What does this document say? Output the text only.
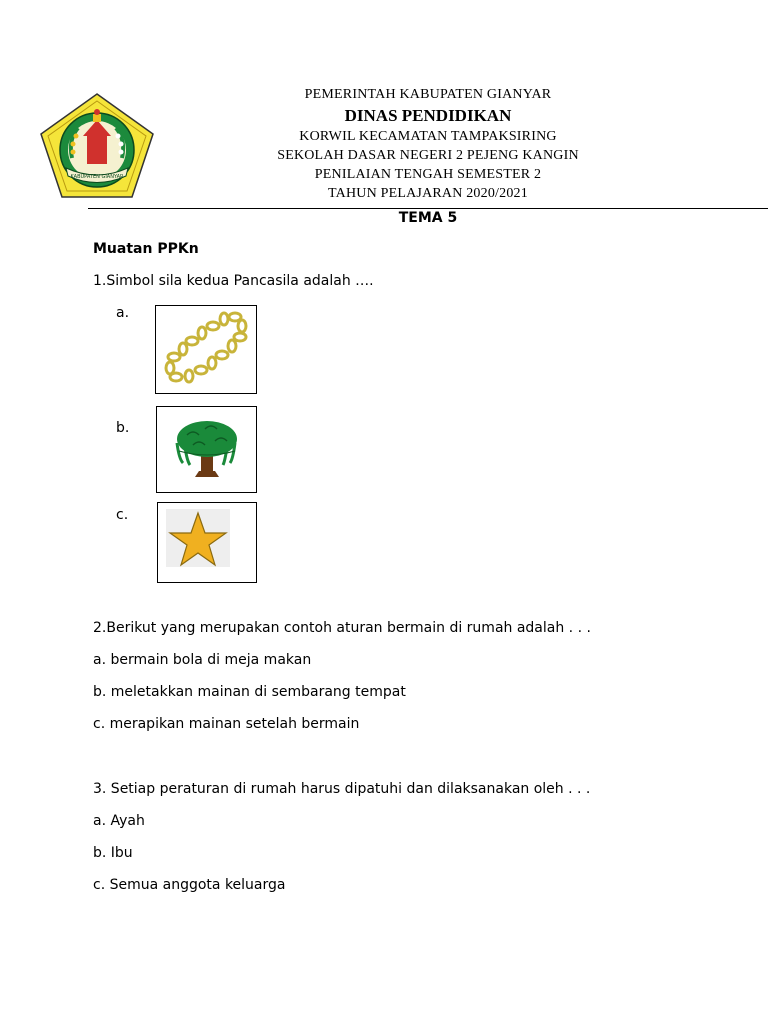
KABUPATEN GIANYAR
PEMERINTAH KABUPATEN GIANYAR
DINAS PENDIDIKAN
KORWIL KECAMATAN TAMPAKSIRING
SEKOLAH DASAR NEGERI 2 PEJENG KANGIN
PENILAIAN TENGAH SEMESTER 2
TAHUN PELAJARAN 2020/2021
TEMA 5
Muatan PPKn
1.Simbol sila kedua Pancasila adalah ….
a.
b.
c.
2.Berikut yang merupakan contoh aturan bermain di rumah adalah . . .
a. bermain bola di meja makan
b. meletakkan mainan di sembarang tempat
c. merapikan mainan setelah bermain
3. Setiap peraturan di rumah harus dipatuhi dan dilaksanakan oleh . . .
a. Ayah
b. Ibu
c. Semua anggota keluarga
